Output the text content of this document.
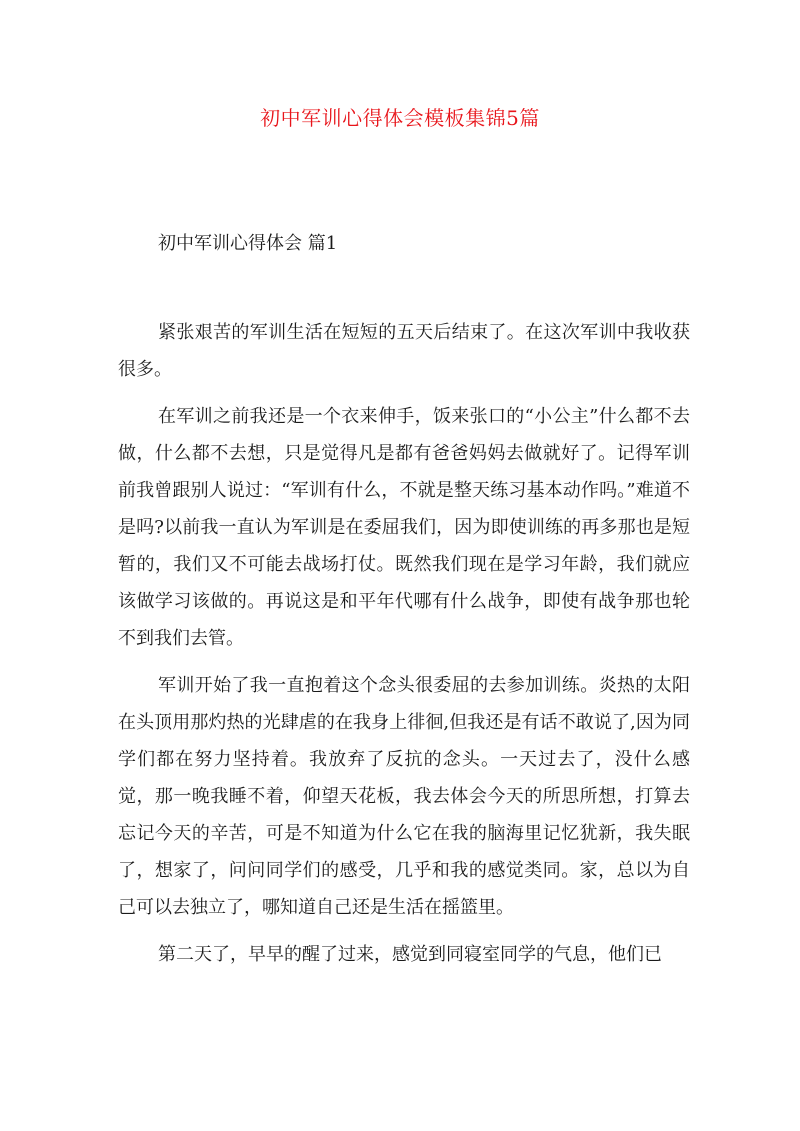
初中军训心得体会模板集锦5篇
初中军训心得体会 篇1

紧张艰苦的军训生活在短短的五天后结束了。在这次军训中我收获很多。

在军训之前我还是一个衣来伸手，饭来张口的“小公主”什么都不去做，什么都不去想，只是觉得凡是都有爸爸妈妈去做就好了。记得军训前我曾跟别人说过：“军训有什么，不就是整天练习基本动作吗。”难道不是吗?以前我一直认为军训是在委屈我们，因为即使训练的再多那也是短暂的，我们又不可能去战场打仗。既然我们现在是学习年龄，我们就应该做学习该做的。再说这是和平年代哪有什么战争，即使有战争那也轮不到我们去管。

军训开始了我一直抱着这个念头很委屈的去参加训练。炎热的太阳在头顶用那灼热的光肆虐的在我身上徘徊,但我还是有话不敢说了,因为同学们都在努力坚持着。我放弃了反抗的念头。一天过去了，没什么感觉，那一晚我睡不着，仰望天花板，我去体会今天的所思所想，打算去忘记今天的辛苦，可是不知道为什么它在我的脑海里记忆犹新，我失眠了，想家了，问问同学们的感受，几乎和我的感觉类同。家，总以为自己可以去独立了，哪知道自己还是生活在摇篮里。

第二天了，早早的醒了过来，感觉到同寝室同学的气息，他们已
